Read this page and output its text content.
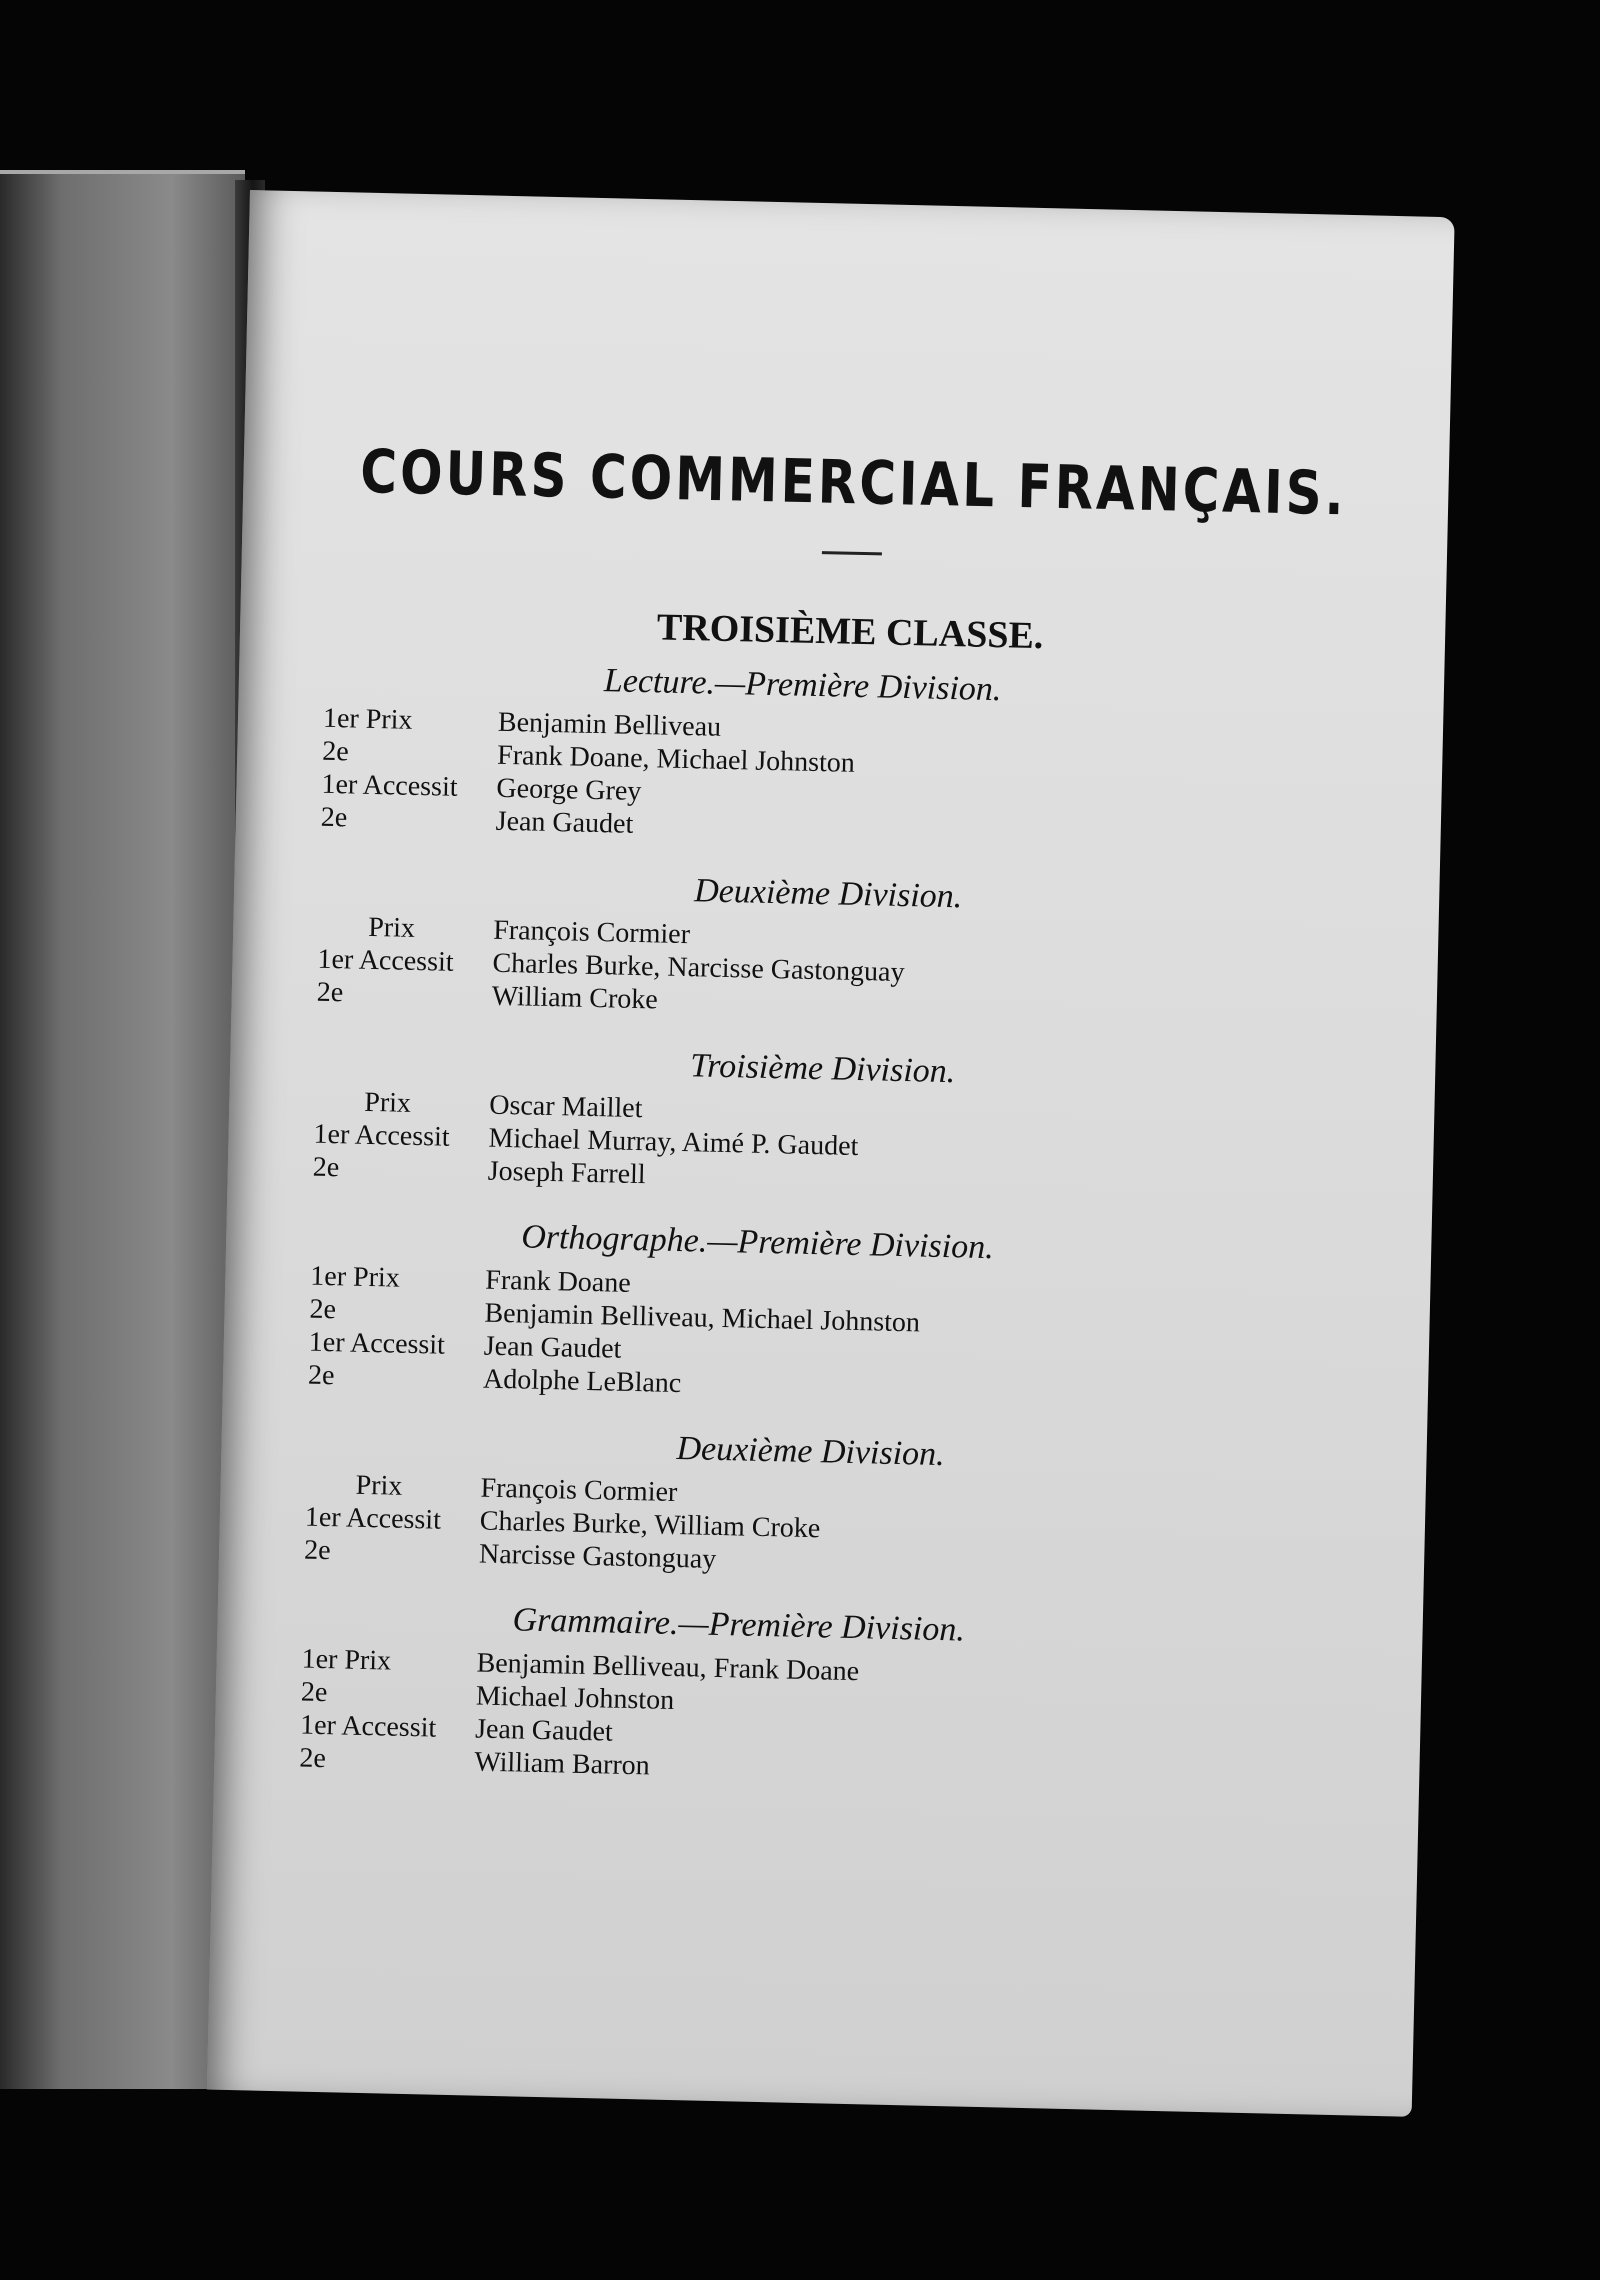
COURS COMMERCIAL FRANÇAIS.
TROISIÈME CLASSE.
Lecture.—Première Division.
1er Prix	Benjamin Belliveau
2e	Frank Doane, Michael Johnston
1er Accessit	George Grey
2e	Jean Gaudet
Deuxième Division.
Prix	François Cormier
1er Accessit	Charles Burke, Narcisse Gastonguay
2e	William Croke
Troisième Division.
Prix	Oscar Maillet
1er Accessit	Michael Murray, Aimé P. Gaudet
2e	Joseph Farrell
Orthographe.—Première Division.
1er Prix	Frank Doane
2e	Benjamin Belliveau, Michael Johnston
1er Accessit	Jean Gaudet
2e	Adolphe LeBlanc
Deuxième Division.
Prix	François Cormier
1er Accessit	Charles Burke, William Croke
2e	Narcisse Gastonguay
Grammaire.—Première Division.
1er Prix	Benjamin Belliveau, Frank Doane
2e	Michael Johnston
1er Accessit	Jean Gaudet
2e	William Barron
